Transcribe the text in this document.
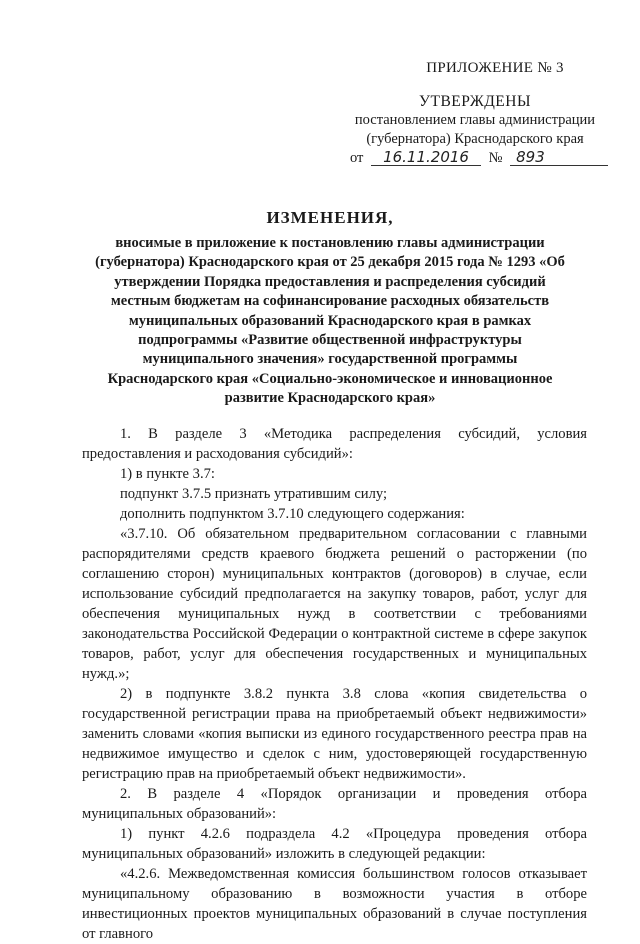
ПРИЛОЖЕНИЕ № 3
УТВЕРЖДЕНЫ
постановлением главы администрации
(губернатора) Краснодарского края
от 16.11.2016 № 893
ИЗМЕНЕНИЯ,
вносимые в приложение к постановлению главы администрации (губернатора) Краснодарского края от 25 декабря 2015 года № 1293 «Об утверждении Порядка предоставления и распределения субсидий местным бюджетам на софинансирование расходных обязательств муниципальных образований Краснодарского края в рамках подпрограммы «Развитие общественной инфраструктуры муниципального значения» государственной программы Краснодарского края «Социально-экономическое и инновационное развитие Краснодарского края»

1. В разделе 3 «Методика распределения субсидий, условия предоставления и расходования субсидий»:

1) в пункте 3.7:

подпункт 3.7.5 признать утратившим силу;

дополнить подпунктом 3.7.10 следующего содержания:

«3.7.10. Об обязательном предварительном согласовании с главными распорядителями средств краевого бюджета решений о расторжении (по соглашению сторон) муниципальных контрактов (договоров) в случае, если использование субсидий предполагается на закупку товаров, работ, услуг для обеспечения муниципальных нужд в соответствии с требованиями законодательства Российской Федерации о контрактной системе в сфере закупок товаров, работ, услуг для обеспечения государственных и муниципальных нужд.»;

2) в подпункте 3.8.2 пункта 3.8 слова «копия свидетельства о государственной регистрации права на приобретаемый объект недвижимости» заменить словами «копия выписки из единого государственного реестра прав на недвижимое имущество и сделок с ним, удостоверяющей государственную регистрацию прав на приобретаемый объект недвижимости».

2. В разделе 4 «Порядок организации и проведения отбора муниципальных образований»:

1) пункт 4.2.6 подраздела 4.2 «Процедура проведения отбора муниципальных образований» изложить в следующей редакции:

«4.2.6. Межведомственная комиссия большинством голосов отказывает муниципальному образованию в возможности участия в отборе инвестиционных проектов муниципальных образований в случае поступления от главного
